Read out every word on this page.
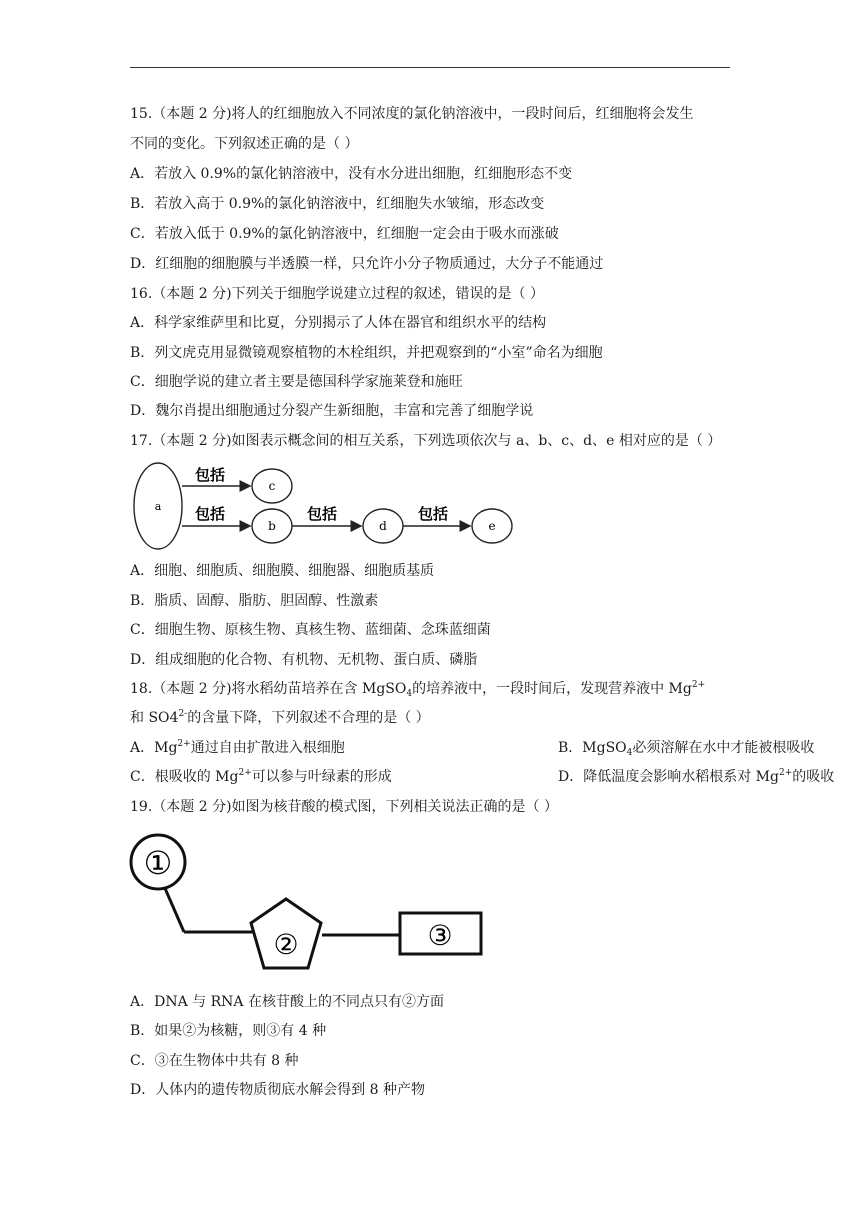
15.（本题 2 分)将人的红细胞放入不同浓度的氯化钠溶液中，一段时间后，红细胞将会发生
不同的变化。下列叙述正确的是（ ）
A．若放入 0.9%的氯化钠溶液中，没有水分进出细胞，红细胞形态不变
B．若放入高于 0.9%的氯化钠溶液中，红细胞失水皱缩，形态改变
C．若放入低于 0.9%的氯化钠溶液中，红细胞一定会由于吸水而涨破
D．红细胞的细胞膜与半透膜一样，只允许小分子物质通过，大分子不能通过
16.（本题 2 分)下列关于细胞学说建立过程的叙述，错误的是（ ）
A．科学家维萨里和比夏，分别揭示了人体在器官和组织水平的结构
B．列文虎克用显微镜观察植物的木栓组织，并把观察到的“小室”命名为细胞
C．细胞学说的建立者主要是德国科学家施莱登和施旺
D．魏尔肖提出细胞通过分裂产生新细胞，丰富和完善了细胞学说
17.（本题 2 分)如图表示概念间的相互关系，下列选项依次与 a、b、c、d、e 相对应的是（ ）
a
c
b	d	e
包括
包括	包括	包括
A．细胞、细胞质、细胞膜、细胞器、细胞质基质
B．脂质、固醇、脂肪、胆固醇、性激素
C．细胞生物、原核生物、真核生物、蓝细菌、念珠蓝细菌
D．组成细胞的化合物、有机物、无机物、蛋白质、磷脂
18.（本题 2 分)将水稻幼苗培养在含 MgSO$_4$的培养液中，一段时间后，发现营养液中 $Mg^{2+}$
和 $SO4^{2-}$的含量下降，下列叙述不合理的是（ ）
A．$Mg^{2+}$通过自由扩散进入根细胞	B．MgSO$_4$必须溶解在水中才能被根吸收
C．根吸收的 $Mg^{2+}$可以参与叶绿素的形成	D．降低温度会影响水稻根系对 $Mg^{2+}$的吸收
19.（本题 2 分)如图为核苷酸的模式图，下列相关说法正确的是（ ）
①
②	③
A．DNA 与 RNA 在核苷酸上的不同点只有②方面
B．如果②为核糖，则③有 4 种
C．③在生物体中共有 8 种
D．人体内的遗传物质彻底水解会得到 8 种产物
